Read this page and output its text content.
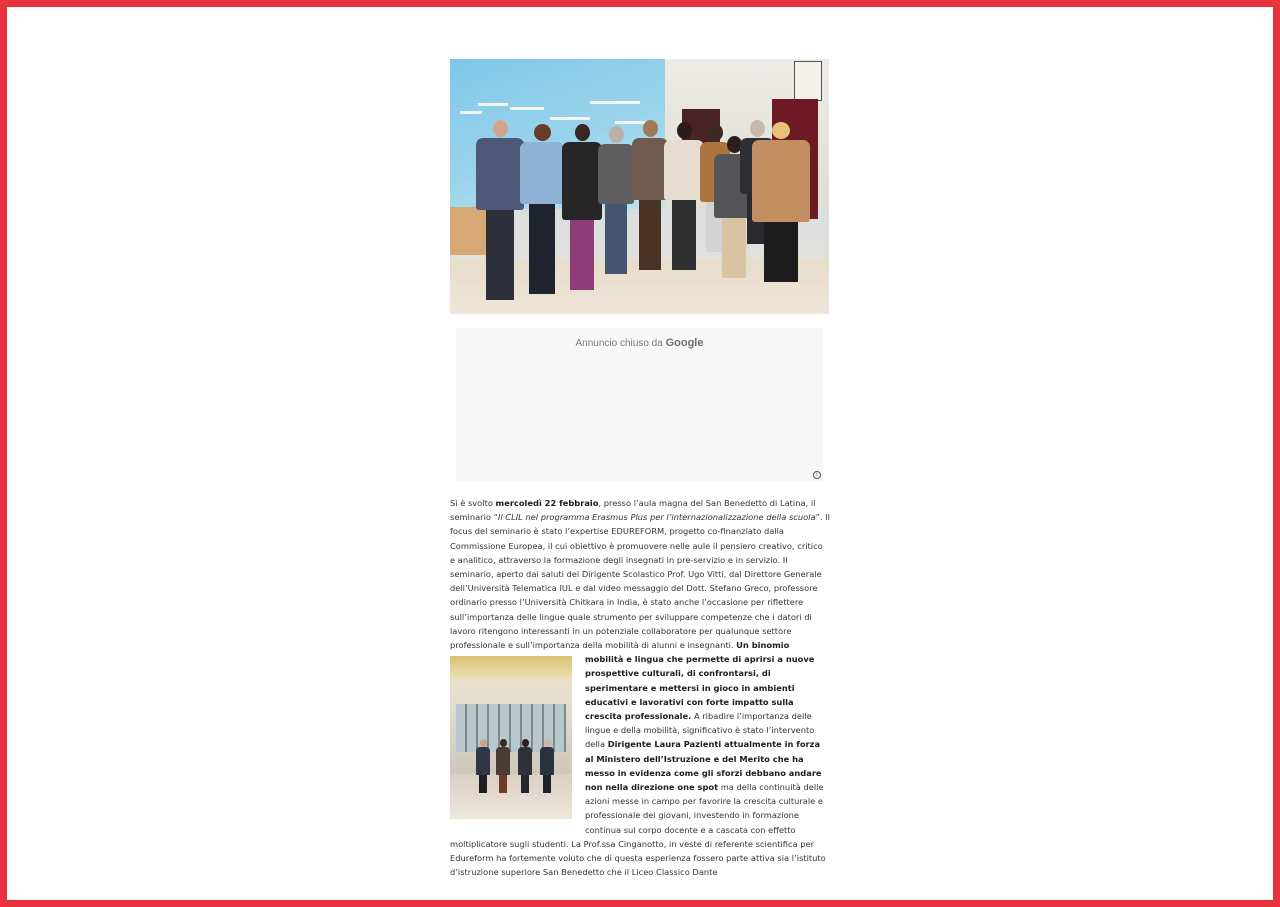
Annuncio chiuso da Google
i

Si è svolto mercoledì 22 febbraio, presso l’aula magna del San Benedetto di Latina, il seminario “Il CLIL nel programma Erasmus Plus per l’internazionalizzazione della scuola”. Il focus del seminario è stato l’expertise EDUREFORM, progetto co-finanziato dalla Commissione Europea, il cui obiettivo è promuovere nelle aule il pensiero creativo, critico e analitico, attraverso la formazione degli insegnati in pre-servizio e in servizio. Il seminario, aperto dai saluti del Dirigente Scolastico Prof. Ugo Vitti, dal Direttore Generale dell’Università Telematica IUL e dal video messaggio del Dott. Stefano Greco, professore ordinario presso l’Università Chitkara in India, è stato anche l’occasione per riflettere sull’importanza delle lingue quale strumento per sviluppare competenze che i datori di lavoro ritengono interessanti in un potenziale collaboratore per qualunque settore professionale e sull’importanza della mobilità di alunni e insegnanti.
Un binomio mobilità e lingua che permette di aprirsi a nuove prospettive culturali, di confrontarsi, di sperimentare e mettersi in gioco in ambienti educativi e lavorativi con forte impatto sulla crescita professionale. A ribadire l’importanza delle lingue e della mobilità, significativo è stato l’intervento della Dirigente Laura Pazienti attualmente in forza al Ministero dell’Istruzione e del Merito che ha messo in evidenza come gli sforzi debbano andare non nella direzione one spot ma della continuità delle azioni messe in campo per favorire la crescita culturale e professionale dei giovani, investendo in formazione continua sul corpo docente e a cascata con effetto moltiplicatore sugli studenti. La Prof.ssa Cinganotto, in veste di referente scientifica per Edureform ha fortemente voluto che di questa esperienza fossero parte attiva sia l’istituto d’istruzione superiore San Benedetto che il Liceo Classico Dante
